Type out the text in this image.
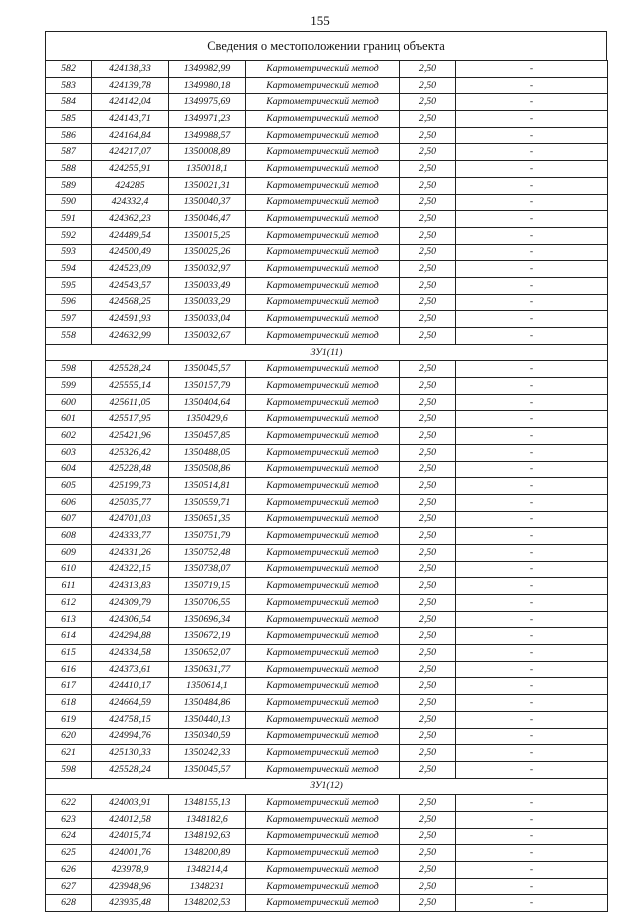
155
Сведения о местоположении границ объекта
582	424138,33	1349982,99	Картометрический метод	2,50	-
583	424139,78	1349980,18	Картометрический метод	2,50	-
584	424142,04	1349975,69	Картометрический метод	2,50	-
585	424143,71	1349971,23	Картометрический метод	2,50	-
586	424164,84	1349988,57	Картометрический метод	2,50	-
587	424217,07	1350008,89	Картометрический метод	2,50	-
588	424255,91	1350018,1	Картометрический метод	2,50	-
589	424285	1350021,31	Картометрический метод	2,50	-
590	424332,4	1350040,37	Картометрический метод	2,50	-
591	424362,23	1350046,47	Картометрический метод	2,50	-
592	424489,54	1350015,25	Картометрический метод	2,50	-
593	424500,49	1350025,26	Картометрический метод	2,50	-
594	424523,09	1350032,97	Картометрический метод	2,50	-
595	424543,57	1350033,49	Картометрический метод	2,50	-
596	424568,25	1350033,29	Картометрический метод	2,50	-
597	424591,93	1350033,04	Картометрический метод	2,50	-
558	424632,99	1350032,67	Картометрический метод	2,50	-
ЗУ1(11)					
598	425528,24	1350045,57	Картометрический метод	2,50	-
599	425555,14	1350157,79	Картометрический метод	2,50	-
600	425611,05	1350404,64	Картометрический метод	2,50	-
601	425517,95	1350429,6	Картометрический метод	2,50	-
602	425421,96	1350457,85	Картометрический метод	2,50	-
603	425326,42	1350488,05	Картометрический метод	2,50	-
604	425228,48	1350508,86	Картометрический метод	2,50	-
605	425199,73	1350514,81	Картометрический метод	2,50	-
606	425035,77	1350559,71	Картометрический метод	2,50	-
607	424701,03	1350651,35	Картометрический метод	2,50	-
608	424333,77	1350751,79	Картометрический метод	2,50	-
609	424331,26	1350752,48	Картометрический метод	2,50	-
610	424322,15	1350738,07	Картометрический метод	2,50	-
611	424313,83	1350719,15	Картометрический метод	2,50	-
612	424309,79	1350706,55	Картометрический метод	2,50	-
613	424306,54	1350696,34	Картометрический метод	2,50	-
614	424294,88	1350672,19	Картометрический метод	2,50	-
615	424334,58	1350652,07	Картометрический метод	2,50	-
616	424373,61	1350631,77	Картометрический метод	2,50	-
617	424410,17	1350614,1	Картометрический метод	2,50	-
618	424664,59	1350484,86	Картометрический метод	2,50	-
619	424758,15	1350440,13	Картометрический метод	2,50	-
620	424994,76	1350340,59	Картометрический метод	2,50	-
621	425130,33	1350242,33	Картометрический метод	2,50	-
598	425528,24	1350045,57	Картометрический метод	2,50	-
ЗУ1(12)					
622	424003,91	1348155,13	Картометрический метод	2,50	-
623	424012,58	1348182,6	Картометрический метод	2,50	-
624	424015,74	1348192,63	Картометрический метод	2,50	-
625	424001,76	1348200,89	Картометрический метод	2,50	-
626	423978,9	1348214,4	Картометрический метод	2,50	-
627	423948,96	1348231	Картометрический метод	2,50	-
628	423935,48	1348202,53	Картометрический метод	2,50	-
